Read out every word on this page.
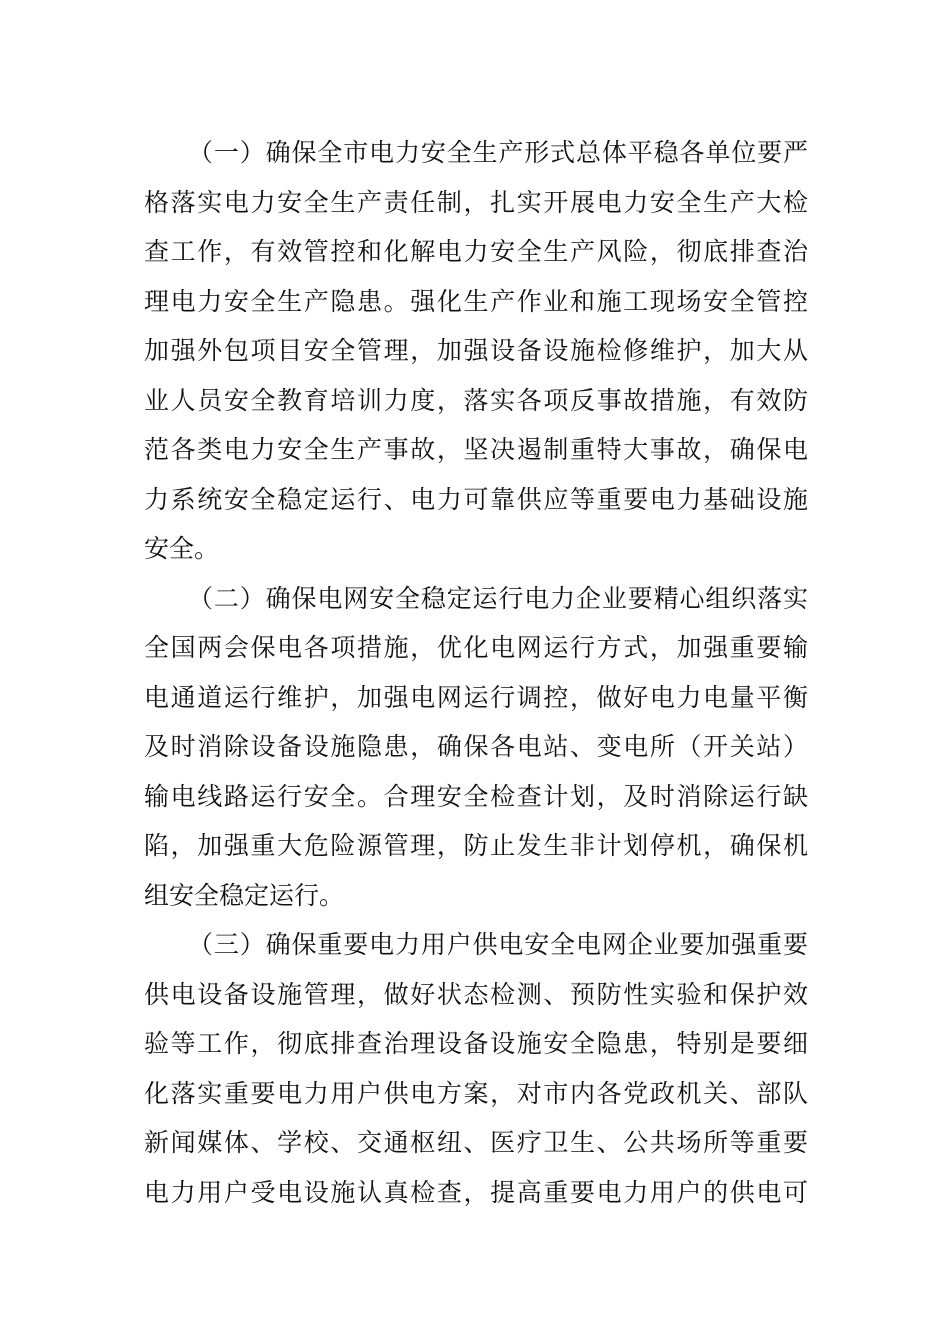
（一）确保全市电力安全生产形式总体平稳各单位要严
格落实电力安全生产责任制，扎实开展电力安全生产大检
查工作，有效管控和化解电力安全生产风险，彻底排查治
理电力安全生产隐患。强化生产作业和施工现场安全管控
加强外包项目安全管理，加强设备设施检修维护，加大从
业人员安全教育培训力度，落实各项反事故措施，有效防
范各类电力安全生产事故，坚决遏制重特大事故，确保电
力系统安全稳定运行、电力可靠供应等重要电力基础设施
安全。
（二）确保电网安全稳定运行电力企业要精心组织落实
全国两会保电各项措施，优化电网运行方式，加强重要输
电通道运行维护，加强电网运行调控，做好电力电量平衡
及时消除设备设施隐患，确保各电站、变电所（开关站）
输电线路运行安全。合理安全检查计划，及时消除运行缺
陷，加强重大危险源管理，防止发生非计划停机，确保机
组安全稳定运行。
（三）确保重要电力用户供电安全电网企业要加强重要
供电设备设施管理，做好状态检测、预防性实验和保护效
验等工作，彻底排查治理设备设施安全隐患，特别是要细
化落实重要电力用户供电方案，对市内各党政机关、部队
新闻媒体、学校、交通枢纽、医疗卫生、公共场所等重要
电力用户受电设施认真检查，提高重要电力用户的供电可
